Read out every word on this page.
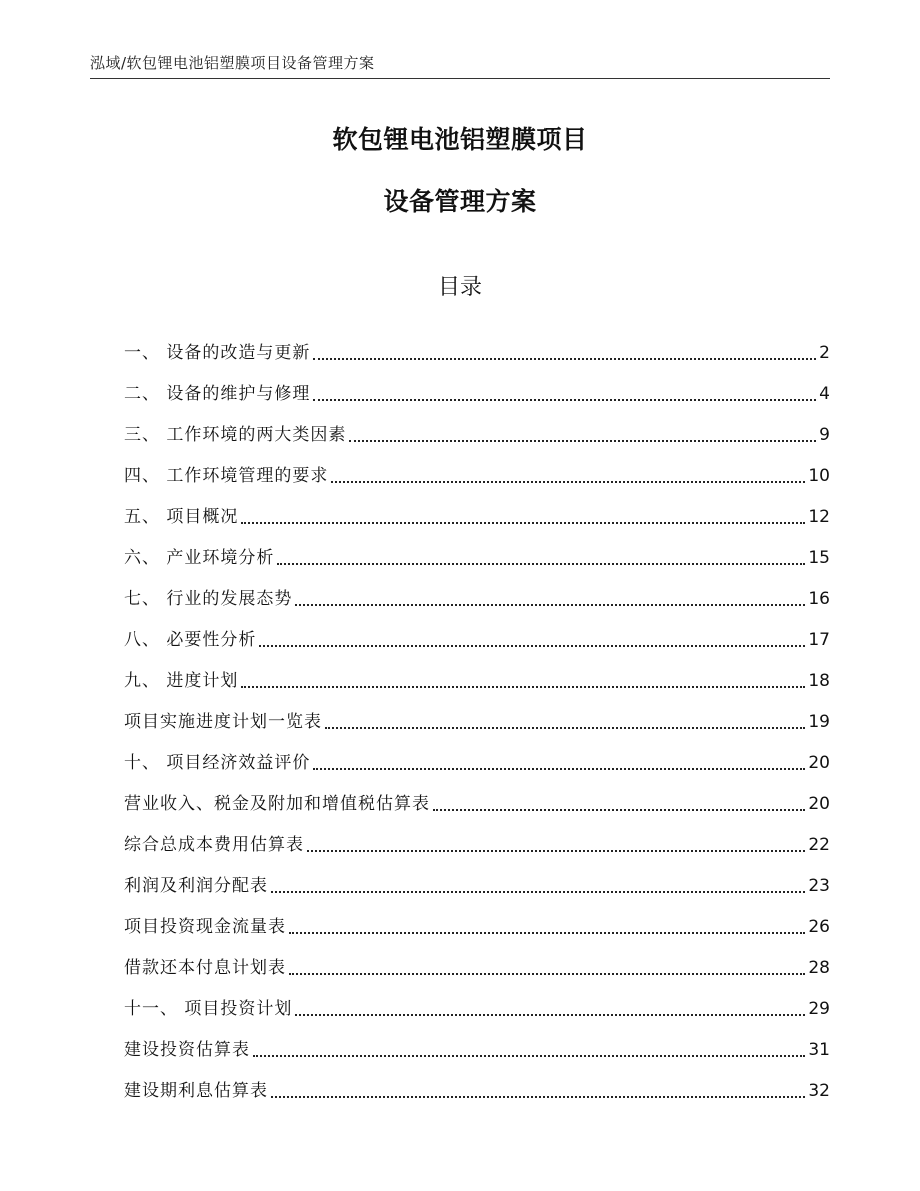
泓域/软包锂电池铝塑膜项目设备管理方案
软包锂电池铝塑膜项目
设备管理方案
目录
一、 设备的改造与更新	2
二、 设备的维护与修理	4
三、 工作环境的两大类因素	9
四、 工作环境管理的要求	10
五、 项目概况	12
六、 产业环境分析	15
七、 行业的发展态势	16
八、 必要性分析	17
九、 进度计划	18
项目实施进度计划一览表	19
十、 项目经济效益评价	20
营业收入、税金及附加和增值税估算表	20
综合总成本费用估算表	22
利润及利润分配表	23
项目投资现金流量表	26
借款还本付息计划表	28
十一、 项目投资计划	29
建设投资估算表	31
建设期利息估算表	32
